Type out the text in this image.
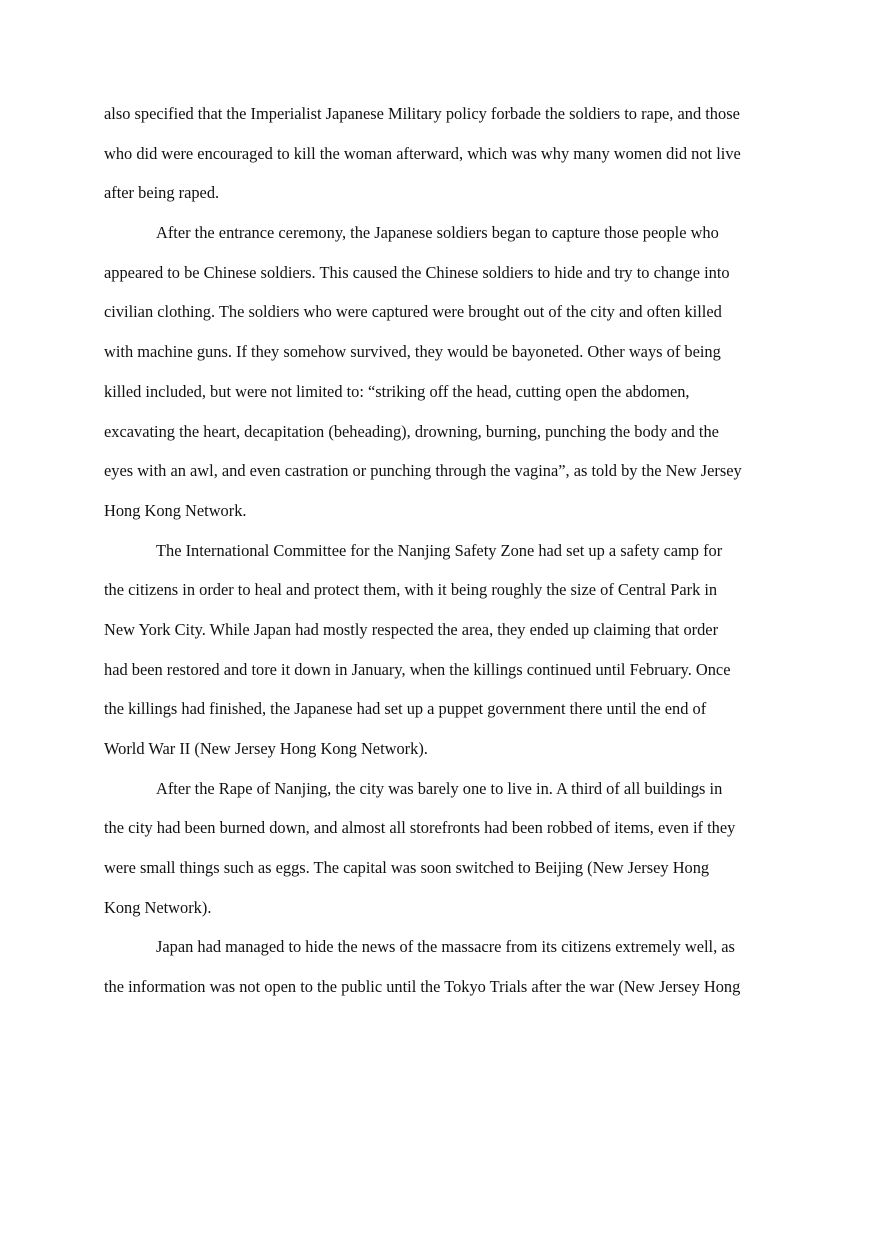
also specified that the Imperialist Japanese Military policy forbade the soldiers to rape, and those
who did were encouraged to kill the woman afterward, which was why many women did not live
after being raped.
After the entrance ceremony, the Japanese soldiers began to capture those people who
appeared to be Chinese soldiers. This caused the Chinese soldiers to hide and try to change into
civilian clothing. The soldiers who were captured were brought out of the city and often killed
with machine guns. If they somehow survived, they would be bayoneted. Other ways of being
killed included, but were not limited to: “striking off the head, cutting open the abdomen,
excavating the heart, decapitation (beheading), drowning, burning, punching the body and the
eyes with an awl, and even castration or punching through the vagina”, as told by the New Jersey
Hong Kong Network.
The International Committee for the Nanjing Safety Zone had set up a safety camp for
the citizens in order to heal and protect them, with it being roughly the size of Central Park in
New York City. While Japan had mostly respected the area, they ended up claiming that order
had been restored and tore it down in January, when the killings continued until February. Once
the killings had finished, the Japanese had set up a puppet government there until the end of
World War II (New Jersey Hong Kong Network).
After the Rape of Nanjing, the city was barely one to live in. A third of all buildings in
the city had been burned down, and almost all storefronts had been robbed of items, even if they
were small things such as eggs. The capital was soon switched to Beijing (New Jersey Hong
Kong Network).
Japan had managed to hide the news of the massacre from its citizens extremely well, as
the information was not open to the public until the Tokyo Trials after the war (New Jersey Hong
